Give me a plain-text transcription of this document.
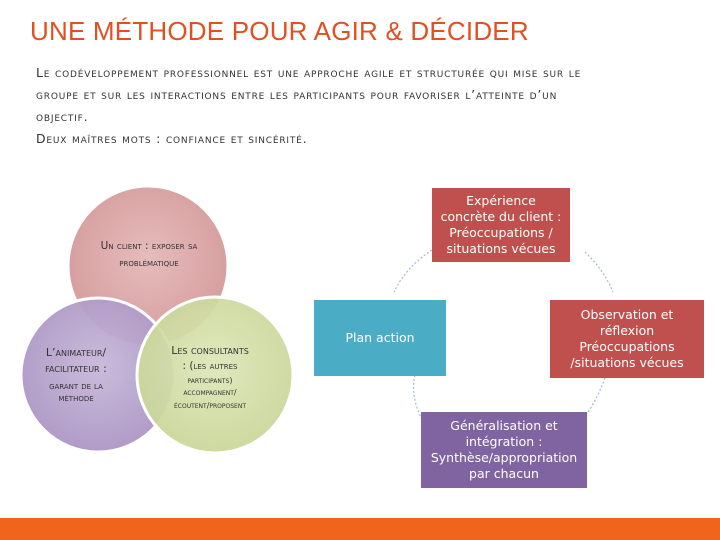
UNE MÉTHODE POUR AGIR & DÉCIDER

Le codéveloppement professionnel est une approche agile et structurée qui mise sur le groupe et sur les interactions entre les participants pour favoriser l’atteinte d’un objectif.

Deux maîtres mots : confiance et sincérité.

Un client : exposer sa
problématique
L’animateur/
facilitateur :
garant de la
méthode
Les consultants
: (les autres
participants)
accompagnent/
écoutent/proposent
Expérience concrète du client : Préoccupations / situations vécues
Observation et réflexion Préoccupations /situations vécues
Généralisation et intégration : Synthèse/appropriation par chacun
Plan action
